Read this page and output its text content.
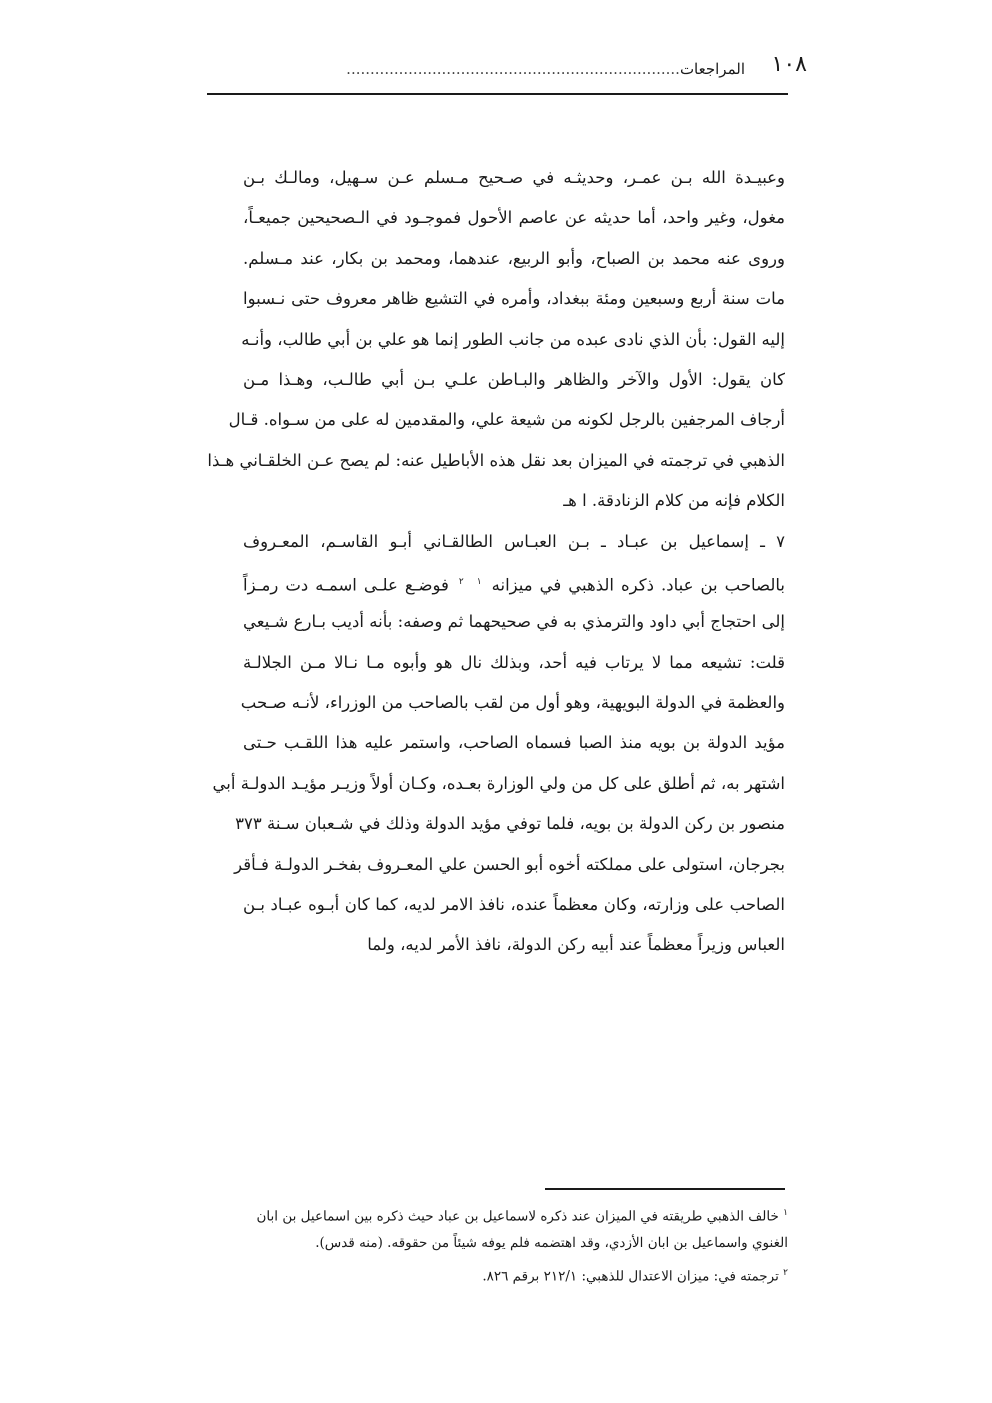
١٠٨
المراجعات......................................................................
وعبيـدة الله بـن عمـر، وحديثـه في صـحيح مـسلم عـن سـهيل، ومالـك بـن
مغول، وغير واحد، أما حديثه عن عاصم الأحول فموجـود في الـصحيحين جميعـاً،
وروى عنه محمد بن الصباح، وأبو الربيع، عندهما، ومحمد بن بكار، عند مـسلم.
مات سنة أربع وسبعين ومئة ببغداد، وأمره في التشيع ظاهر معروف حتى نـسبوا
إليه القول: بأن الذي نادى عبده من جانب الطور إنما هو علي بن أبي طالب، وأنـه
كان يقول: الأول والآخر والظاهر والبـاطن علـي بـن أبي طالـب، وهـذا مـن
أرجاف المرجفين بالرجل لكونه من شيعة علي، والمقدمين له على من سـواه. قـال
الذهبي في ترجمته في الميزان بعد نقل هذه الأباطيل عنه: لم يصح عـن الخلقـاني هـذا
الكلام فإنه من كلام الزنادقة. ا هـ
٧ ـ إسماعيل بن عبـاد ـ بـن العبـاس الطالقـاني أبـو القاسـم، المعـروف
بالصاحب بن عباد. ذكره الذهبي في ميزانه ١ ٢ فوضـع علـى اسمـه دت رمـزاً
إلى احتجاج أبي داود والترمذي به في صحيحهما ثم وصفه: بأنه أديب بـارع شـيعي
قلت: تشيعه مما لا يرتاب فيه أحد، وبذلك نال هو وأبوه مـا نـالا مـن الجلالـة
والعظمة في الدولة البويهية، وهو أول من لقب بالصاحب من الوزراء، لأنـه صـحب
مؤيد الدولة بن بويه منذ الصبا فسماه الصاحب، واستمر عليه هذا اللقـب حـتى
اشتهر به، ثم أطلق على كل من ولي الوزارة بعـده، وكـان أولاً وزيـر مؤيـد الدولـة أبي
منصور بن ركن الدولة بن بويه، فلما توفي مؤيد الدولة وذلك في شـعبان سـنة ٣٧٣
بجرجان، استولى على مملكته أخوه أبو الحسن علي المعـروف بفخـر الدولـة فـأقر
الصاحب على وزارته، وكان معظماً عنده، نافذ الامر لديه، كما كان أبـوه عبـاد بـن
العباس وزيراً معظماً عند أبيه ركن الدولة، نافذ الأمر لديه، ولما
$^١$ خالف الذهبي طريقته في الميزان عند ذكره لاسماعيل بن عباد حيث ذكره بين اسماعيل بن ابان
الغنوي واسماعيل بن ابان الأزدي، وقد اهتضمه فلم يوفه شيئاً من حقوقه. (منه قدس).
$^٢$ ترجمته في: ميزان الاعتدال للذهبي: ٢١٢/١ برقم ٨٢٦.
